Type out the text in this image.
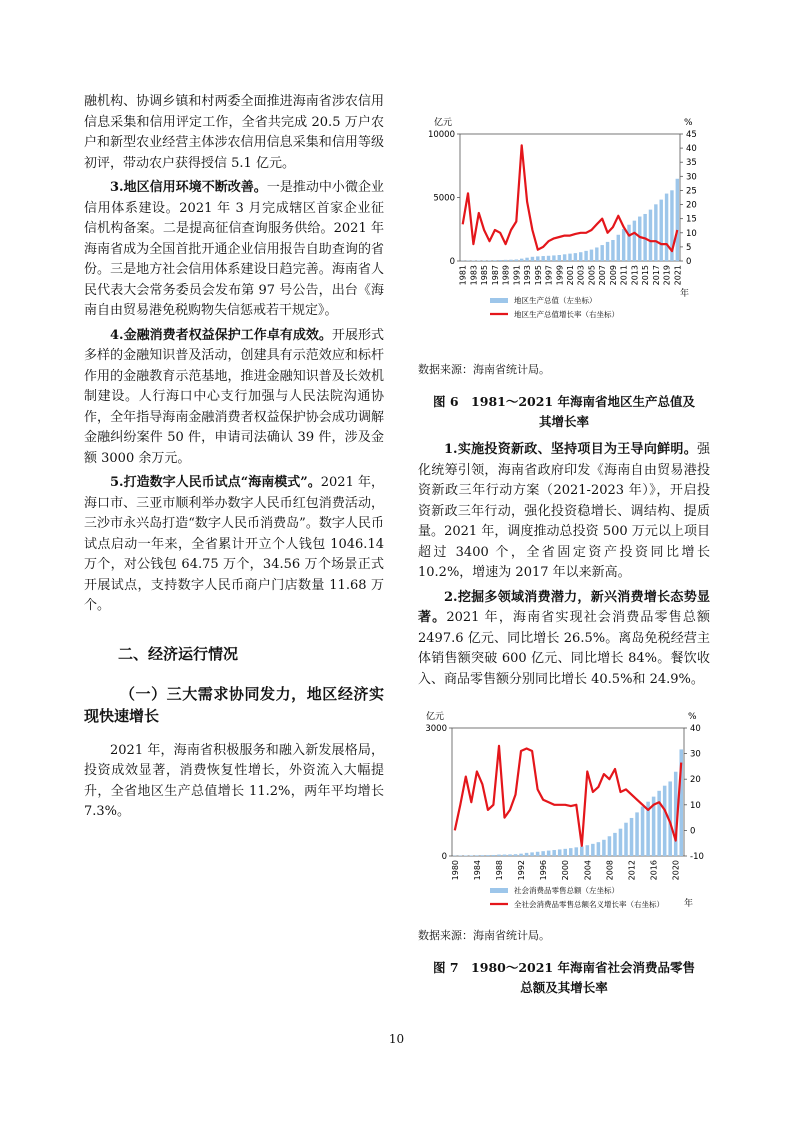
融机构、协调乡镇和村两委全面推进海南省涉农信用信息采集和信用评定工作，全省共完成 20.5 万户农户和新型农业经营主体涉农信用信息采集和信用等级初评，带动农户获得授信 5.1 亿元。

3.地区信用环境不断改善。一是推动中小微企业信用体系建设。2021 年 3 月完成辖区首家企业征信机构备案。二是提高征信查询服务供给。2021 年海南省成为全国首批开通企业信用报告自助查询的省份。三是地方社会信用体系建设日趋完善。海南省人民代表大会常务委员会发布第 97 号公告，出台《海南自由贸易港免税购物失信惩戒若干规定》。

4.金融消费者权益保护工作卓有成效。开展形式多样的金融知识普及活动，创建具有示范效应和标杆作用的金融教育示范基地，推进金融知识普及长效机制建设。人行海口中心支行加强与人民法院沟通协作，全年指导海南金融消费者权益保护协会成功调解金融纠纷案件 50 件，申请司法确认 39 件，涉及金额 3000 余万元。

5.打造数字人民币试点“海南模式”。2021 年，海口市、三亚市顺利举办数字人民币红包消费活动，三沙市永兴岛打造“数字人民币消费岛”。数字人民币试点启动一年来，全省累计开立个人钱包 1046.14 万个，对公钱包 64.75 万个，34.56 万个场景正式开展试点，支持数字人民币商户门店数量 11.68 万个。

二、经济运行情况
（一）三大需求协同发力，地区经济实现快速增长

2021 年，海南省积极服务和融入新发展格局，投资成效显著，消费恢复性增长，外资流入大幅提升，全省地区生产总值增长 11.2%，两年平均增长 7.3%。

亿元	%
0
5000
10000
0
5
10
15
20
25
30
35
40
45
1981 1983 1985 1987 1989 1991 1993 1995 1997 1999 2001 2003 2005 2007 2009 2011 2013 2015 2017 2019 2021
年
地区生产总值（左坐标）
地区生产总值增长率（右坐标）
数据来源：海南省统计局。
图 6　1981～2021 年海南省地区生产总值及其增长率

1.实施投资新政、坚持项目为王导向鲜明。强化统筹引领，海南省政府印发《海南自由贸易港投资新政三年行动方案（2021-2023 年）》，开启投资新政三年行动，强化投资稳增长、调结构、提质量。2021 年，调度推动总投资 500 万元以上项目超过 3400 个，全省固定资产投资同比增长 10.2%，增速为 2017 年以来新高。

2.挖掘多领域消费潜力，新兴消费增长态势显著。2021 年，海南省实现社会消费品零售总额 2497.6 亿元、同比增长 26.5%。离岛免税经营主体销售额突破 600 亿元、同比增长 84%。餐饮收入、商品零售额分别同比增长 40.5%和 24.9%。

亿元	%
0
3000
-10
0
10
20
30
40
1980 1984 1988 1992 1996 2000 2004 2008 2012 2016 2020
年
社会消费品零售总额（左坐标）
全社会消费品零售总额名义增长率（右坐标）
数据来源：海南省统计局。
图 7　1980～2021 年海南省社会消费品零售总额及其增长率
10
